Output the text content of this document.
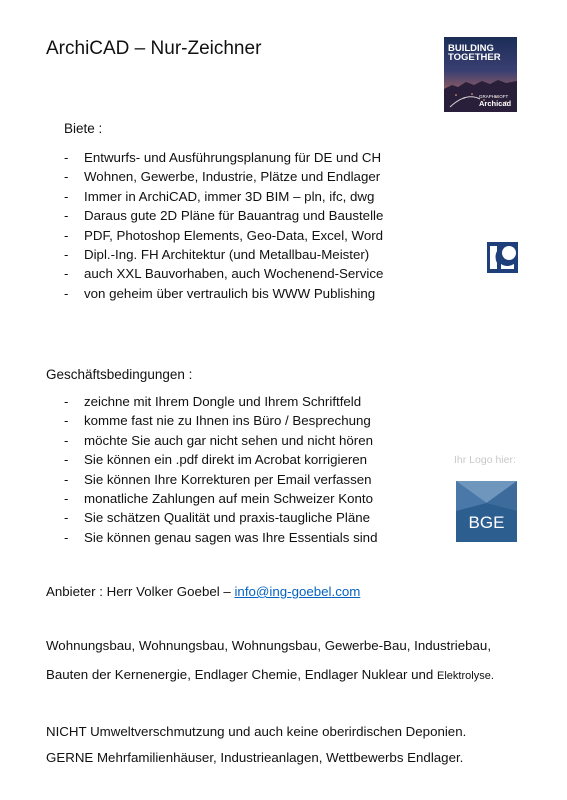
ArchiCAD – Nur-Zeichner	BUILDING
TOGETHER
GRAPHISOFT
Archicad
Biete :
- Entwurfs- und Ausführungsplanung für DE und CH
- Wohnen, Gewerbe, Industrie, Plätze und Endlager
- Immer in ArchiCAD, immer 3D BIM – pln, ifc, dwg
- Daraus gute 2D Pläne für Bauantrag und Baustelle
- PDF, Photoshop Elements, Geo-Data, Excel, Word
- Dipl.-Ing. FH Architektur (und Metallbau-Meister)
- auch XXL Bauvorhaben, auch Wochenend-Service
- von geheim über vertraulich bis WWW Publishing
Geschäftsbedingungen :
- zeichne mit Ihrem Dongle und Ihrem Schriftfeld
- komme fast nie zu Ihnen ins Büro / Besprechung
- möchte Sie auch gar nicht sehen und nicht hören
- Sie können ein .pdf direkt im Acrobat korrigieren
- Sie können Ihre Korrekturen per Email verfassen
- monatliche Zahlungen auf mein Schweizer Konto
- Sie schätzen Qualität und praxis-taugliche Pläne
- Sie können genau sagen was Ihre Essentials sind
Ihr Logo hier:
BGE
Anbieter : Herr Volker Goebel – info@ing-goebel.com
Wohnungsbau, Wohnungsbau, Wohnungsbau, Gewerbe-Bau, Industriebau,
Bauten der Kernenergie, Endlager Chemie, Endlager Nuklear und Elektrolyse.
NICHT Umweltverschmutzung und auch keine oberirdischen Deponien.
GERNE Mehrfamilienhäuser, Industrieanlagen, Wettbewerbs Endlager.
